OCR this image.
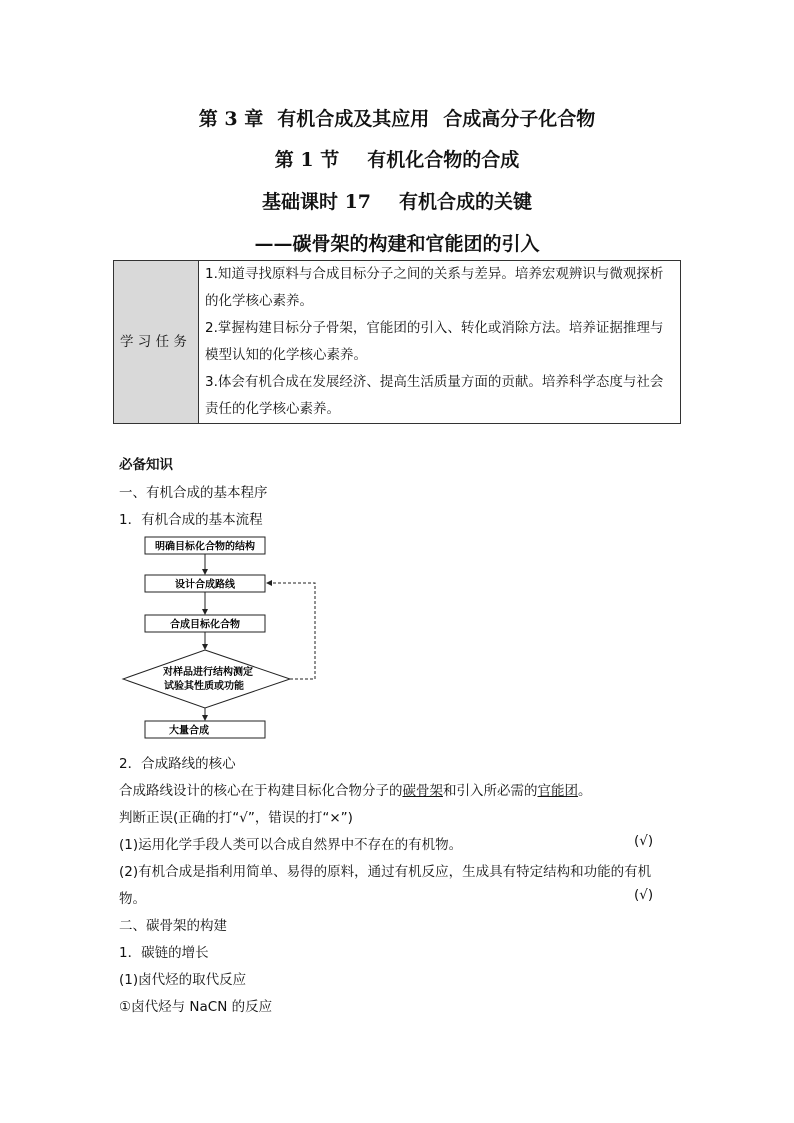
第 3 章 有机合成及其应用 合成高分子化合物
第 1 节 有机化合物的合成
基础课时 17 有机合成的关键
——碳骨架的构建和官能团的引入
学 习 任 务	
1.知道寻找原料与合成目标分子之间的关系与差异。培养宏观辨识与微观探析
的化学核心素养。
2.掌握构建目标分子骨架，官能团的引入、转化或消除方法。培养证据推理与
模型认知的化学核心素养。
3.体会有机合成在发展经济、提高生活质量方面的贡献。培养科学态度与社会
责任的化学核心素养。
必备知识
一、有机合成的基本程序
1．有机合成的基本流程
明确目标化合物的结构
设计合成路线
合成目标化合物
对样品进行结构测定
试验其性质或功能
大量合成
2．合成路线的核心
合成路线设计的核心在于构建目标化合物分子的碳骨架和引入所必需的官能团。
判断正误(正确的打“√”，错误的打“×”)
(1)运用化学手段人类可以合成自然界中不存在的有机物。	(√)
(2)有机合成是指利用简单、易得的原料，通过有机反应，生成具有特定结构和功能的有机
物。	(√)
二、碳骨架的构建
1．碳链的增长
(1)卤代烃的取代反应
①卤代烃与 NaCN 的反应
